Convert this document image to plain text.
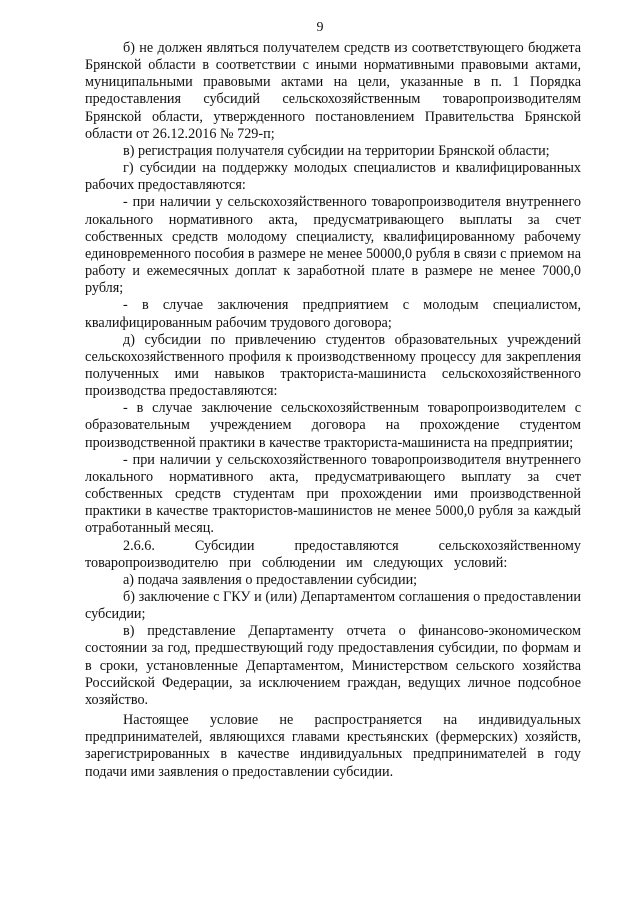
9

б) не должен являться получателем средств из соответствующего бюджета Брянской области в соответствии с иными нормативными правовыми актами, муниципальными правовыми актами на цели, указанные в п. 1 Порядка предоставления субсидий сельскохозяйственным товаропроизводителям Брянской области, утвержденного постановлением Правительства Брянской области от 26.12.2016 № 729-п;

в) регистрация получателя субсидии на территории Брянской области;

г) субсидии на поддержку молодых специалистов и квалифицированных рабочих предоставляются:

- при наличии у сельскохозяйственного товаропроизводителя внутреннего локального нормативного акта, предусматривающего выплаты за счет собственных средств молодому специалисту, квалифицированному рабочему единовременного пособия в размере не менее 50000,0 рубля в связи с приемом на работу и ежемесячных доплат к заработной плате в размере не менее 7000,0 рубля;

- в случае заключения предприятием с молодым специалистом, квалифицированным рабочим трудового договора;

д) субсидии по привлечению студентов образовательных учреждений сельскохозяйственного профиля к производственному процессу для закрепления полученных ими навыков тракториста-машиниста сельскохозяйственного производства предоставляются:

- в случае заключение сельскохозяйственным товаропроизводителем с образовательным учреждением договора на прохождение студентом производственной практики в качестве тракториста-машиниста на предприятии;

- при наличии у сельскохозяйственного товаропроизводителя внутреннего локального нормативного акта, предусматривающего выплату за счет собственных средств студентам при прохождении ими производственной практики в качестве трактористов-машинистов не менее 5000,0 рубля за каждый отработанный месяц.

2.6.6. Субсидии предоставляются сельскохозяйственному товаропроизводителю при соблюдении им следующих условий:

а) подача заявления о предоставлении субсидии;

б) заключение с ГКУ и (или) Департаментом соглашения о предоставлении субсидии;

в) представление Департаменту отчета о финансово-экономическом состоянии за год, предшествующий году предоставления субсидии, по формам и в сроки, установленные Департаментом, Министерством сельского хозяйства Российской Федерации, за исключением граждан, ведущих личное подсобное хозяйство.

Настоящее условие не распространяется на индивидуальных предпринимателей, являющихся главами крестьянских (фермерских) хозяйств, зарегистрированных в качестве индивидуальных предпринимателей в году подачи ими заявления о предоставлении субсидии.
